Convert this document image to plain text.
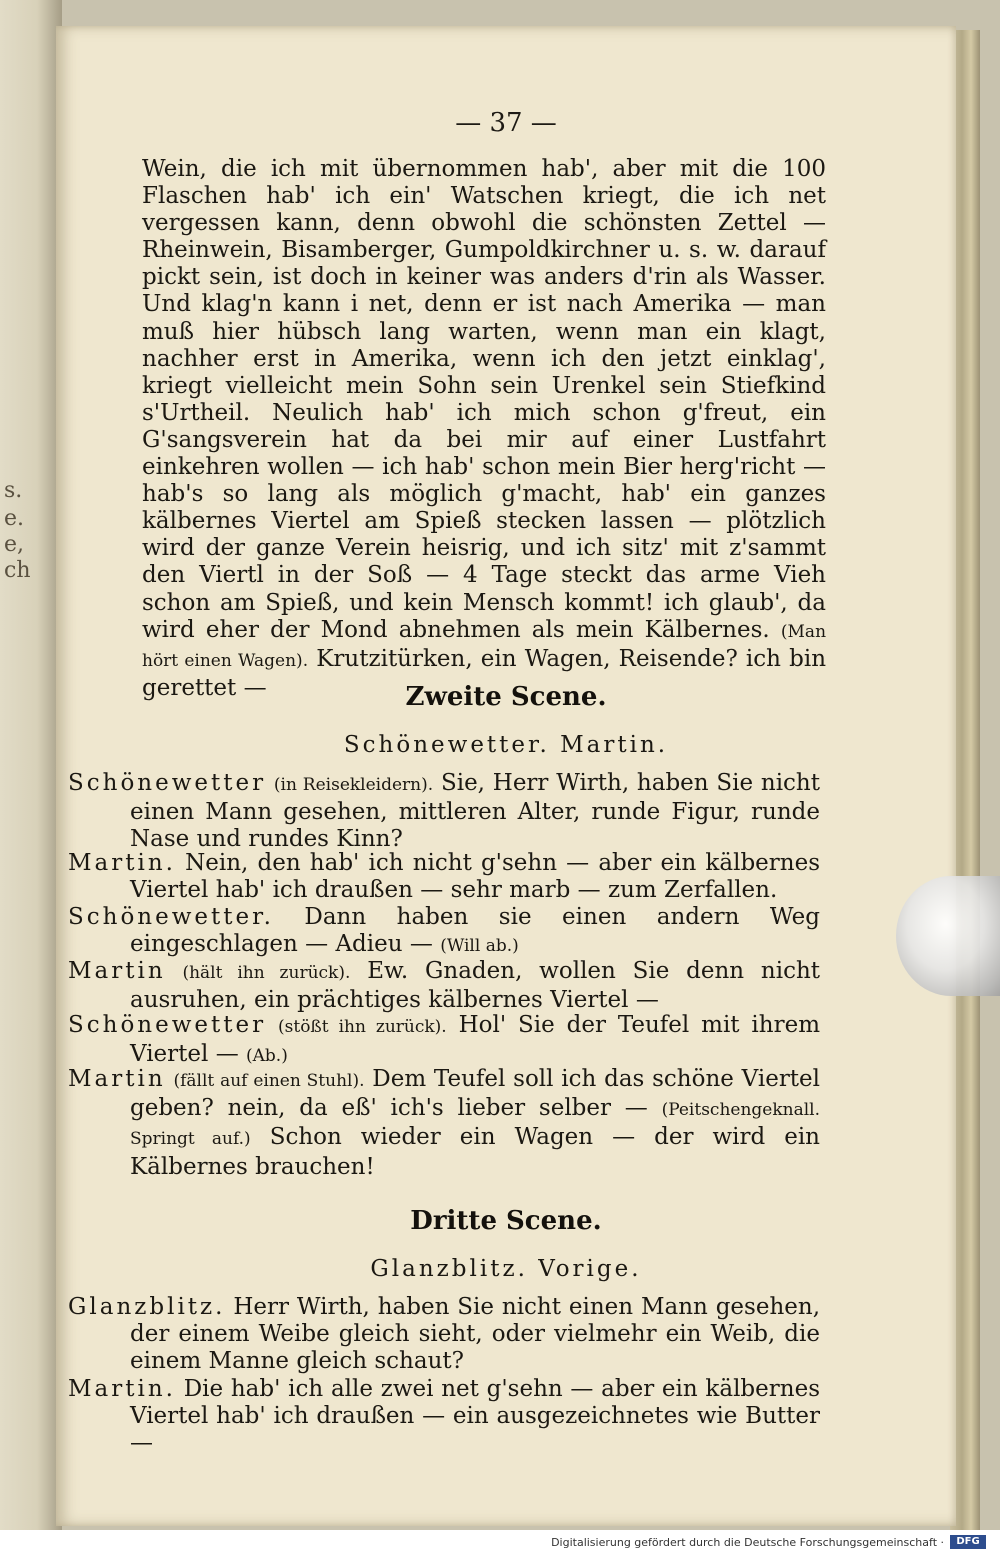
s.
e.
e,
ch
— 37 —
Wein, die ich mit übernommen hab', aber mit die 100 Flaschen hab' ich ein' Watschen kriegt, die ich net vergessen kann, denn obwohl die schönsten Zettel — Rheinwein, Bisamberger, Gumpoldkirchner u. s. w. darauf pickt sein, ist doch in keiner was anders d'rin als Wasser. Und klag'n kann i net, denn er ist nach Amerika — man muß hier hübsch lang warten, wenn man ein klagt, nachher erst in Amerika, wenn ich den jetzt einklag', kriegt vielleicht mein Sohn sein Urenkel sein Stiefkind s'Urtheil. Neulich hab' ich mich schon g'freut, ein G'sangsverein hat da bei mir auf einer Lustfahrt einkehren wollen — ich hab' schon mein Bier herg'richt — hab's so lang als möglich g'macht, hab' ein ganzes kälbernes Viertel am Spieß stecken lassen — plötzlich wird der ganze Verein heisrig, und ich sitz' mit z'sammt den Viertl in der Soß — 4 Tage steckt das arme Vieh schon am Spieß, und kein Mensch kommt! ich glaub', da wird eher der Mond abnehmen als mein Kälbernes. (Man hört einen Wagen). Krutzitürken, ein Wagen, Reisende? ich bin gerettet —	Zweite Scene.
Schönewetter. Martin.
Schönewetter (in Reisekleidern). Sie, Herr Wirth, haben Sie nicht einen Mann gesehen, mittleren Alter, runde Figur, runde Nase und rundes Kinn?
Martin. Nein, den hab' ich nicht g'sehn — aber ein kälbernes Viertel hab' ich draußen — sehr marb — zum Zerfallen.
Schönewetter. Dann haben sie einen andern Weg eingeschlagen — Adieu — (Will ab.)
Martin (hält ihn zurück). Ew. Gnaden, wollen Sie denn nicht ausruhen, ein prächtiges kälbernes Viertel —
Schönewetter (stößt ihn zurück). Hol' Sie der Teufel mit ihrem Viertel — (Ab.)
Martin (fällt auf einen Stuhl). Dem Teufel soll ich das schöne Viertel geben? nein, da eß' ich's lieber selber — (Peitschengeknall. Springt auf.) Schon wieder ein Wagen — der wird ein Kälbernes brauchen!
Dritte Scene.
Glanzblitz. Vorige.
Glanzblitz. Herr Wirth, haben Sie nicht einen Mann gesehen, der einem Weibe gleich sieht, oder vielmehr ein Weib, die einem Manne gleich schaut?
Martin. Die hab' ich alle zwei net g'sehn — aber ein kälbernes Viertel hab' ich draußen — ein ausgezeichnetes wie Butter —
Digitalisierung gefördert durch die Deutsche Forschungsgemeinschaft ·	DFG
